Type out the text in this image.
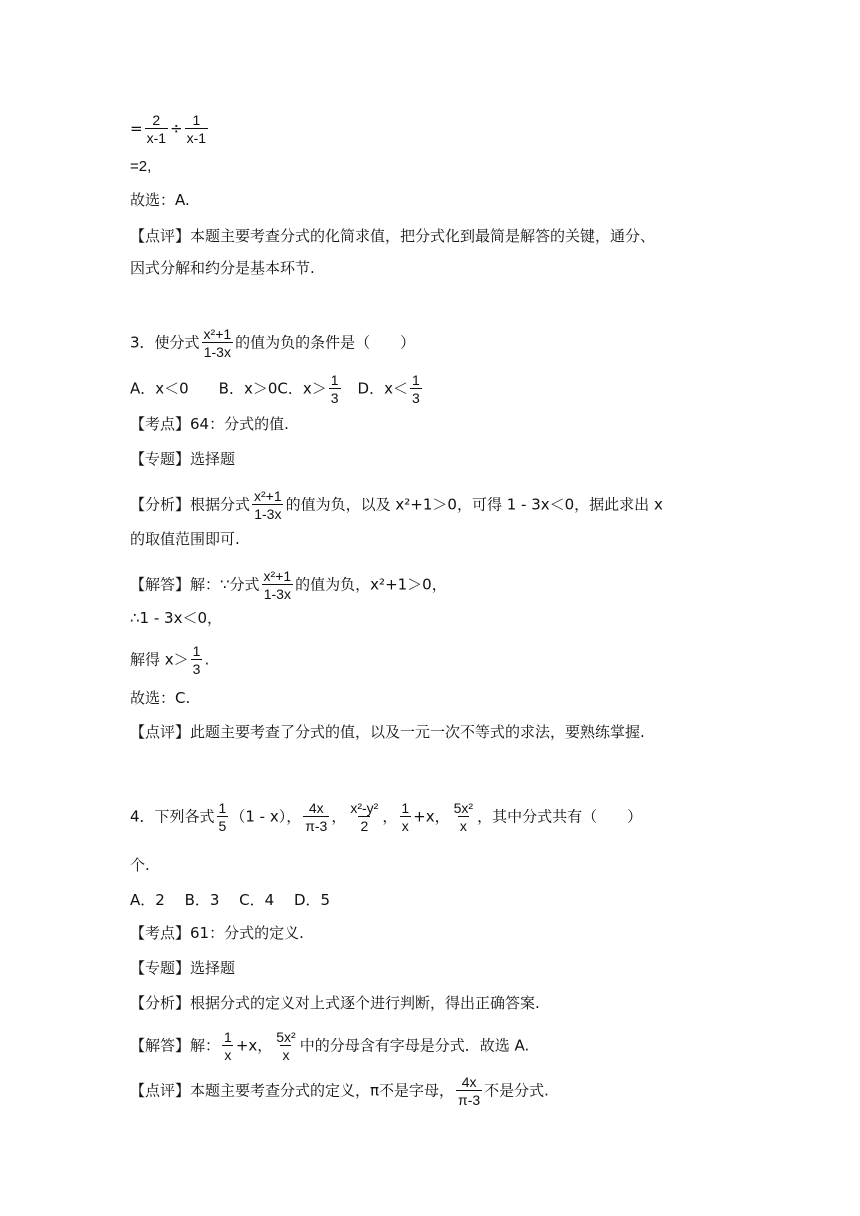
= $\frac{2}{x-1} \div \frac{1}{x-1}$
=2,
故选：A.
【点评】本题主要考查分式的化简求值，把分式化到最简是解答的关键，通分、
因式分解和约分是基本环节.
3．使分式 $\frac{\text{x²+1}}{1-3x}$ 的值为负的条件是（　　）
A．x＜0　　B．x＞0C．$x> \frac{1}{3}$ 　D．$x< \frac{1}{3}$
【考点】64：分式的值.
【专题】选择题
【分析】根据分式 $\frac{\text{x²+1}}{1-3x}$ 的值为负，以及 x²+1＞0，可得 1 - 3x＜0，据此求出 x
的取值范围即可.
【解答】解：∵分式 $\frac{\text{x²+1}}{1-3x}$ 的值为负，x²+1＞0，
∴1 - 3x＜0，
解得 $x> \frac{1}{3}$ .
故选：C.
【点评】此题主要考查了分式的值，以及一元一次不等式的求法，要熟练掌握.
4．下列各式 $\frac{1}{5} (1 - x)$， $\frac{4x}{\pi-3}$ ， $\frac{\text{x²-y²}}{2}$ ， $\frac{1}{x} +x$， $\frac{\text{5x²}}{x}$ ，其中分式共有（　　）
个.
A．2　 B．3　 C．4　 D．5
【考点】61：分式的定义.
【专题】选择题
【分析】根据分式的定义对上式逐个进行判断，得出正确答案.
【解答】解： $\frac{1}{x} +x$， $\frac{\text{5x²}}{x}$ 中的分母含有字母是分式．故选 A.
【点评】本题主要考查分式的定义，π不是字母， $\frac{4x}{\pi-3}$ 不是分式.
